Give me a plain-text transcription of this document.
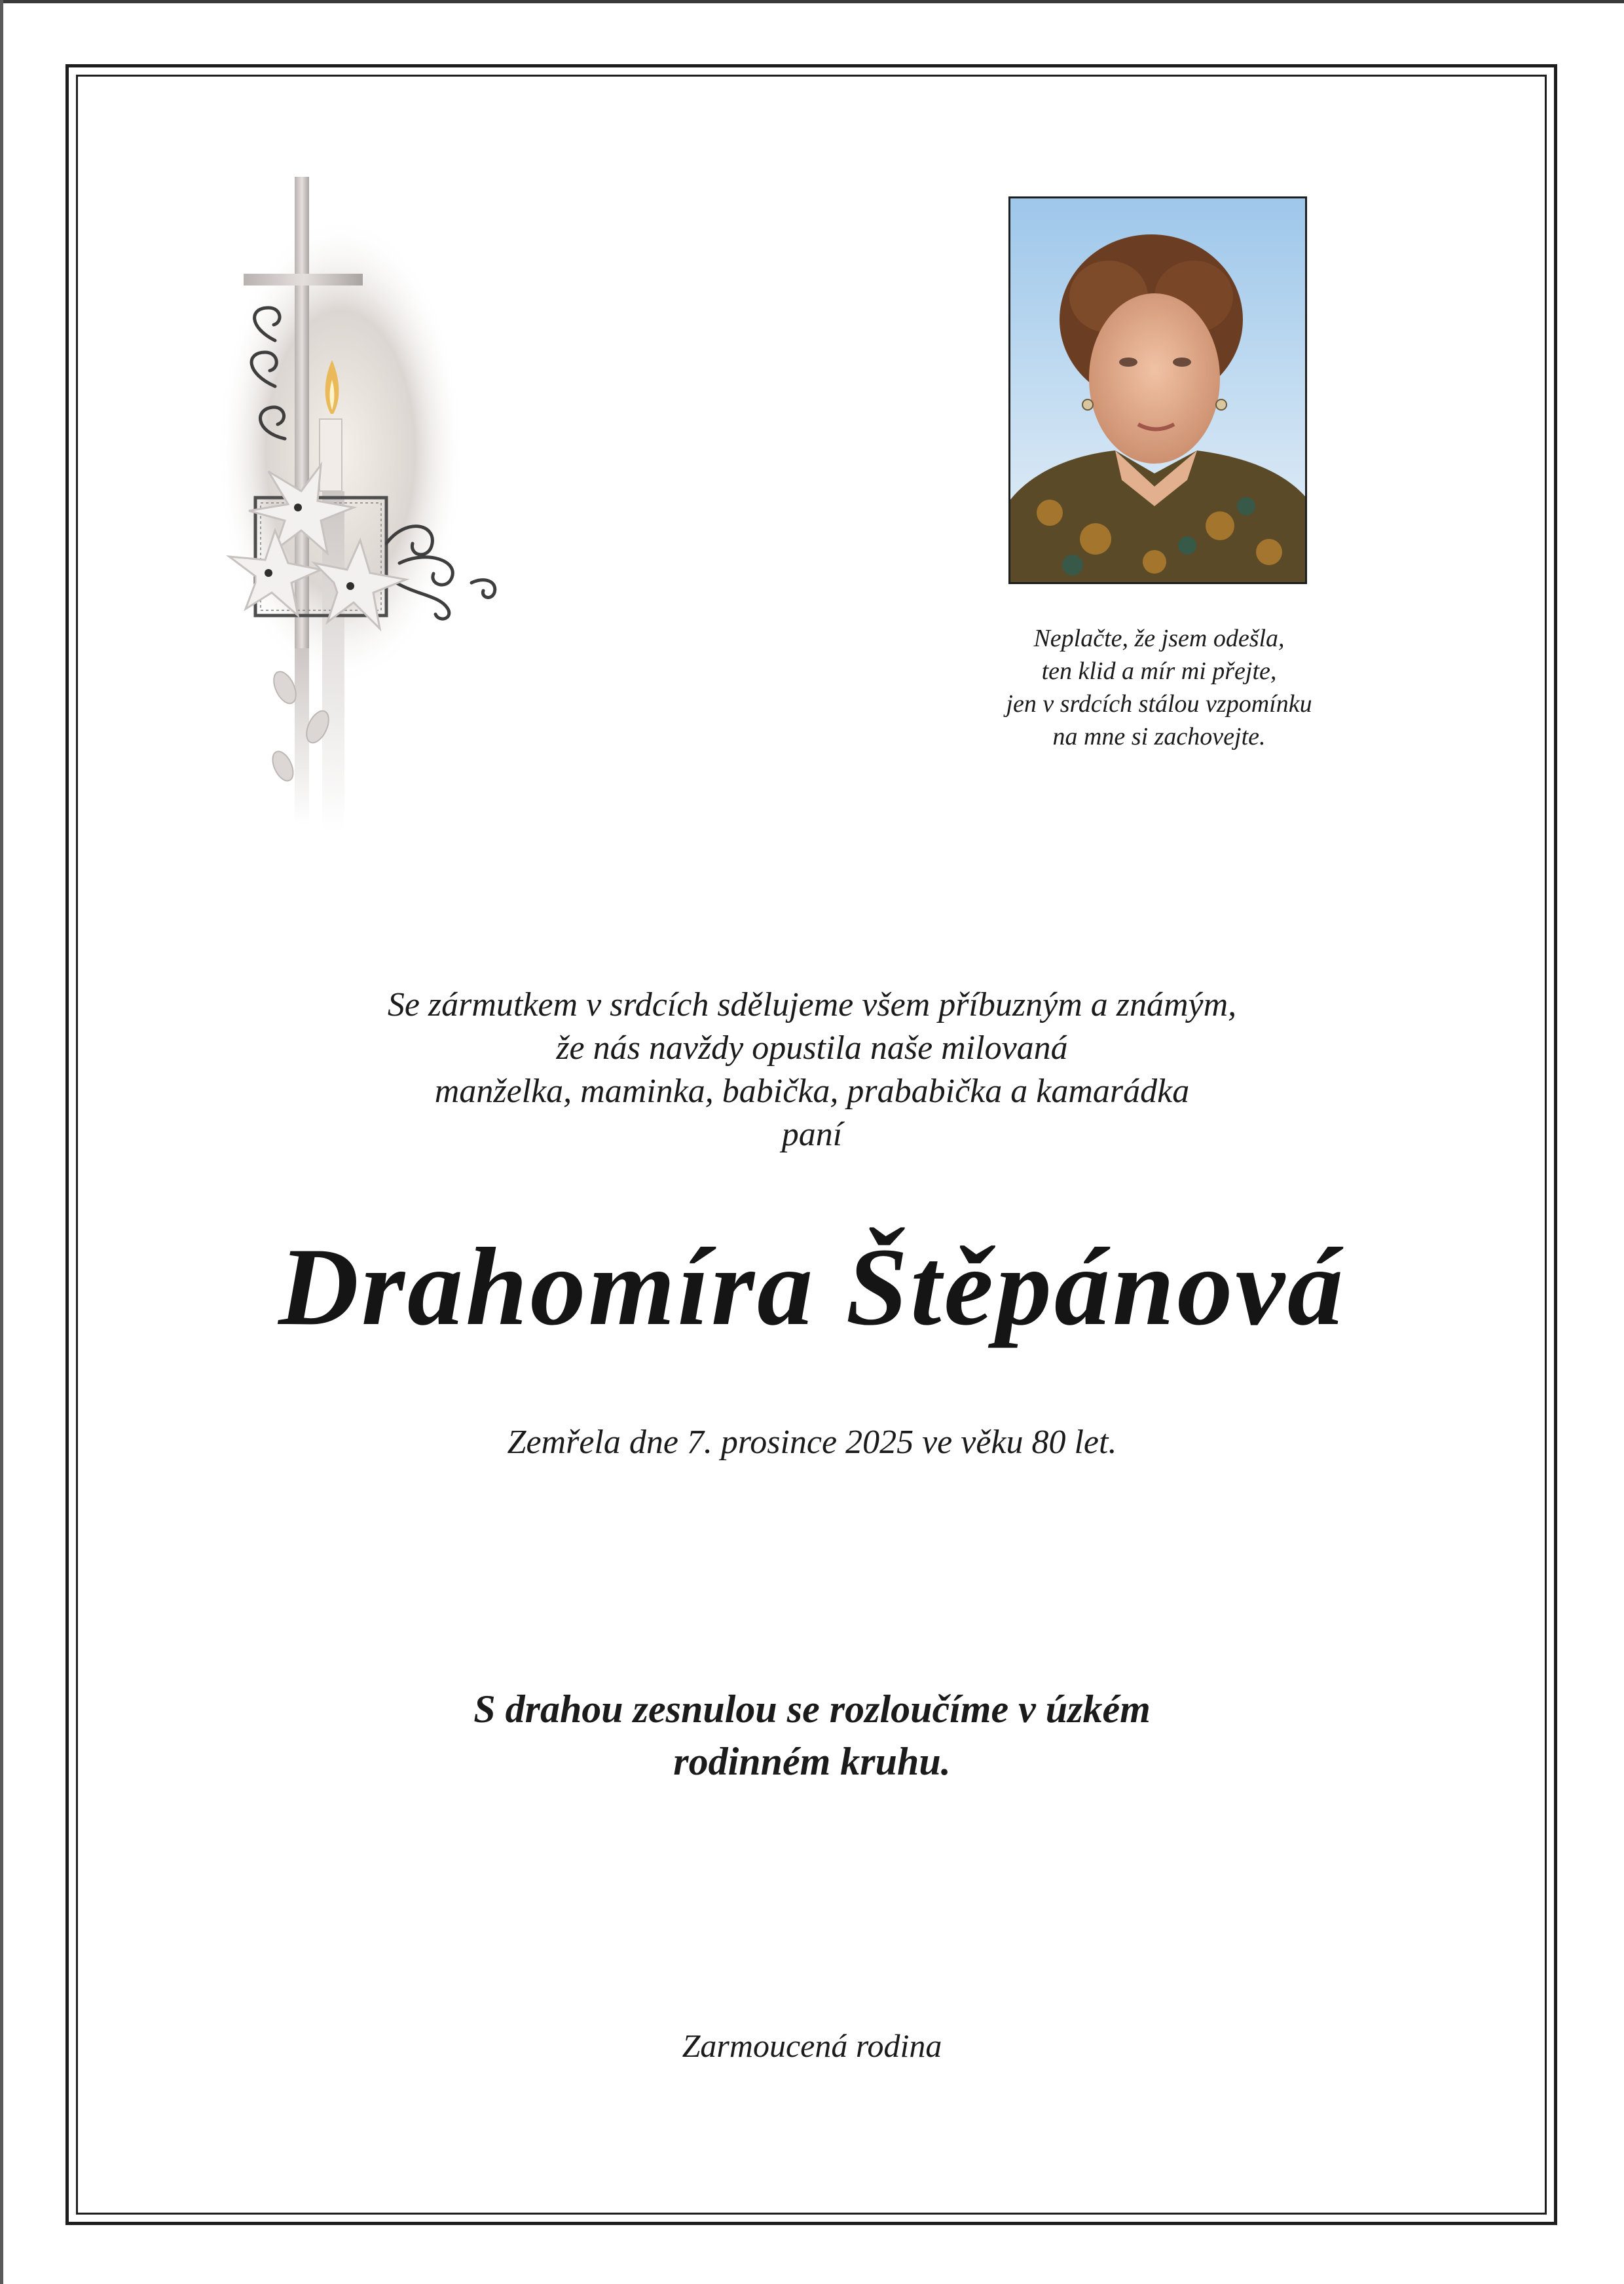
Neplačte, že jsem odešla,
ten klid a mír mi přejte,
jen v srdcích stálou vzpomínku
na mne si zachovejte.
Se zármutkem v srdcích sdělujeme všem příbuzným a známým,
že nás navždy opustila naše milovaná
manželka, maminka, babička, prababička a kamarádka
paní
Drahomíra Štěpánová
Zemřela dne 7. prosince 2025 ve věku 80 let.
S drahou zesnulou se rozloučíme v úzkém
rodinném kruhu.
Zarmoucená rodina
